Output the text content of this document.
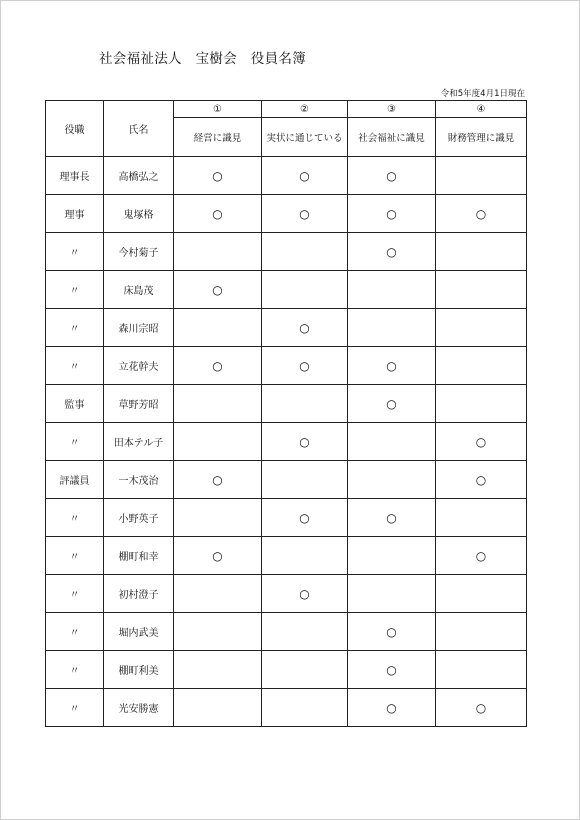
社会福祉法人　宝樹会　役員名簿
令和5年度4月1日現在
役職	氏名	①	②	③	④
		経営に識見	実状に通じている	社会福祉に識見	財務管理に識見
理事長	高橋弘之	○	○	○	
理事	鬼塚格	○	○	○	○
〃	今村菊子			○	
〃	床島茂	○			
〃	森川宗昭		○		
〃	立花幹夫	○	○	○	
監事	草野芳昭			○	
〃	田本テル子		○		○
評議員	一木茂治	○			○
〃	小野英子		○	○	
〃	棚町和幸	○			○
〃	初村澄子		○		
〃	堀内武美			○	
〃	棚町利美			○	
〃	光安勝憲			○	○
